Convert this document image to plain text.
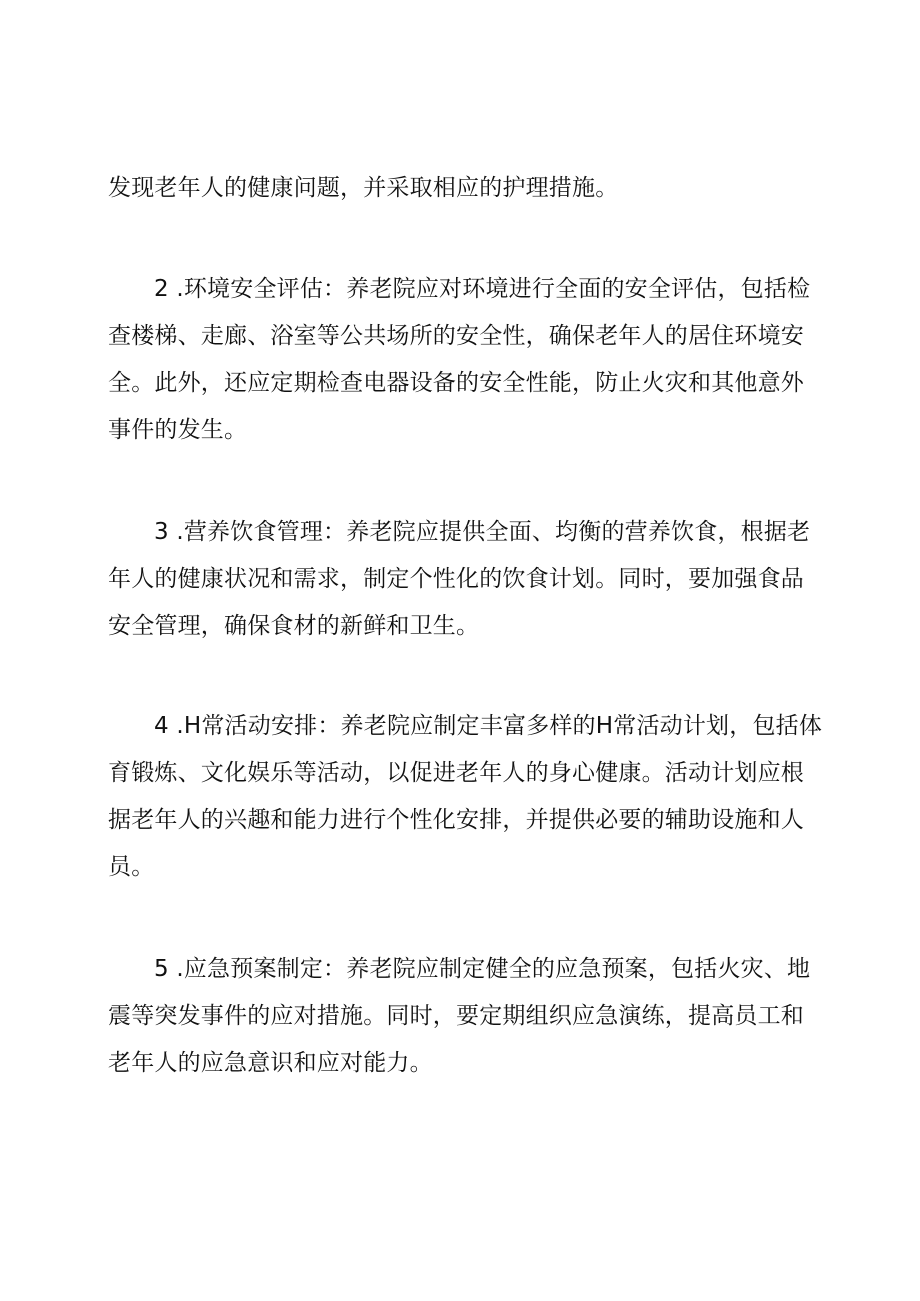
发现老年人的健康问题，并采取相应的护理措施。

2 .环境安全评估：养老院应对环境进行全面的安全评估，包括检
查楼梯、走廊、浴室等公共场所的安全性，确保老年人的居住环境安
全。此外，还应定期检查电器设备的安全性能，防止火灾和其他意外
事件的发生。

3 .营养饮食管理：养老院应提供全面、均衡的营养饮食，根据老
年人的健康状况和需求，制定个性化的饮食计划。同时，要加强食品
安全管理，确保食材的新鲜和卫生。

4 .H常活动安排：养老院应制定丰富多样的H常活动计划，包括体
育锻炼、文化娱乐等活动，以促进老年人的身心健康。活动计划应根
据老年人的兴趣和能力进行个性化安排，并提供必要的辅助设施和人
员。

5 .应急预案制定：养老院应制定健全的应急预案，包括火灾、地
震等突发事件的应对措施。同时，要定期组织应急演练，提高员工和
老年人的应急意识和应对能力。
